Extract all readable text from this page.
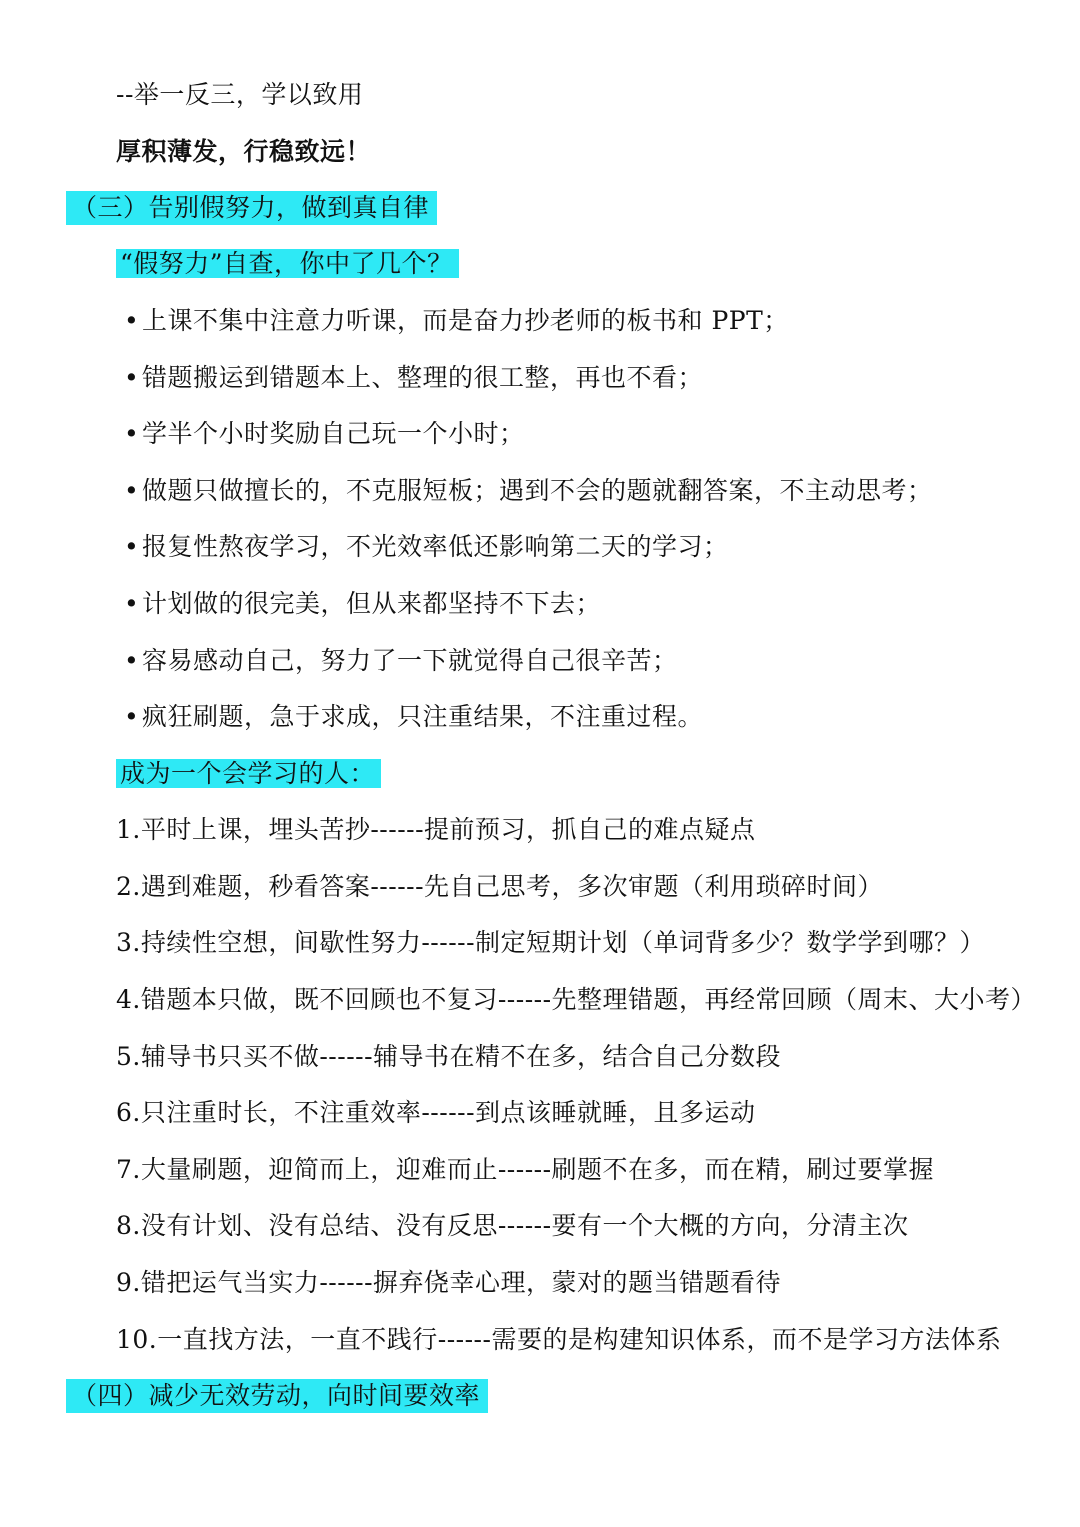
--举一反三，学以致用
厚积薄发，行稳致远！
（三）告别假努力，做到真自律
“假努力”自查，你中了几个？
• 上课不集中注意力听课，而是奋力抄老师的板书和 PPT；
• 错题搬运到错题本上、整理的很工整，再也不看；
• 学半个小时奖励自己玩一个小时；
• 做题只做擅长的，不克服短板；遇到不会的题就翻答案，不主动思考；
• 报复性熬夜学习，不光效率低还影响第二天的学习；
• 计划做的很完美，但从来都坚持不下去；
• 容易感动自己，努力了一下就觉得自己很辛苦；
• 疯狂刷题，急于求成，只注重结果，不注重过程。
成为一个会学习的人：
1.平时上课，埋头苦抄------提前预习，抓自己的难点疑点
2.遇到难题，秒看答案------先自己思考，多次审题（利用琐碎时间）
3.持续性空想，间歇性努力------制定短期计划（单词背多少？数学学到哪？）
4.错题本只做，既不回顾也不复习------先整理错题，再经常回顾（周末、大小考）
5.辅导书只买不做------辅导书在精不在多，结合自己分数段
6.只注重时长，不注重效率------到点该睡就睡，且多运动
7.大量刷题，迎简而上，迎难而止------刷题不在多，而在精，刷过要掌握
8.没有计划、没有总结、没有反思------要有一个大概的方向，分清主次
9.错把运气当实力------摒弃侥幸心理，蒙对的题当错题看待
10.一直找方法，一直不践行------需要的是构建知识体系，而不是学习方法体系
（四）减少无效劳动，向时间要效率
